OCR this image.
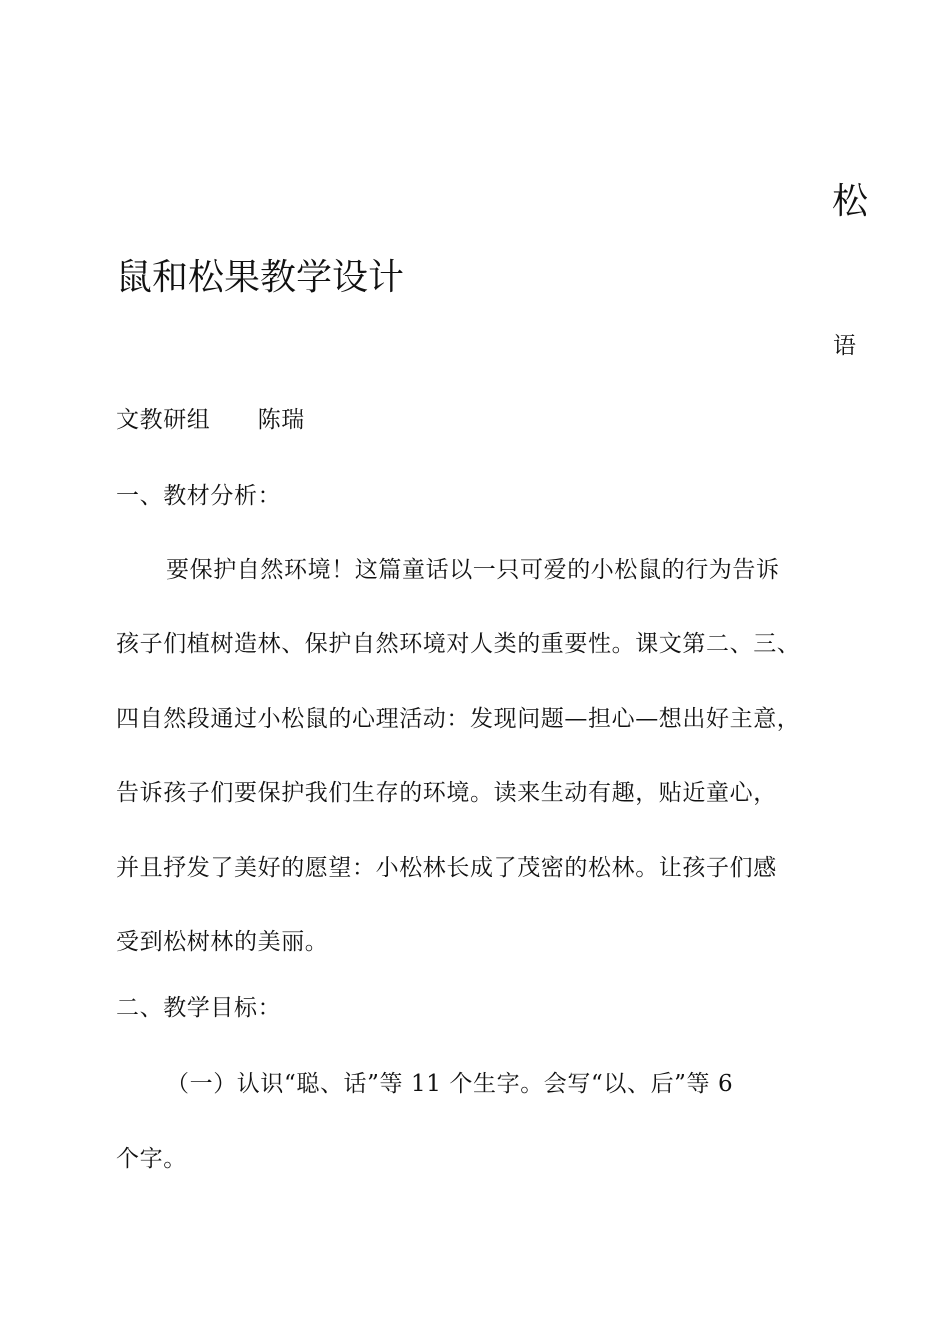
松
鼠和松果教学设计
语
文教研组　　陈瑞
一、教材分析：
要保护自然环境！这篇童话以一只可爱的小松鼠的行为告诉
孩子们植树造林、保护自然环境对人类的重要性。课文第二、三、
四自然段通过小松鼠的心理活动：发现问题—担心—想出好主意，
告诉孩子们要保护我们生存的环境。读来生动有趣，贴近童心，
并且抒发了美好的愿望：小松林长成了茂密的松林。让孩子们感
受到松树林的美丽。
二、教学目标：
（一）认识“聪、话”等 11 个生字。会写“以、后”等 6
个字。
